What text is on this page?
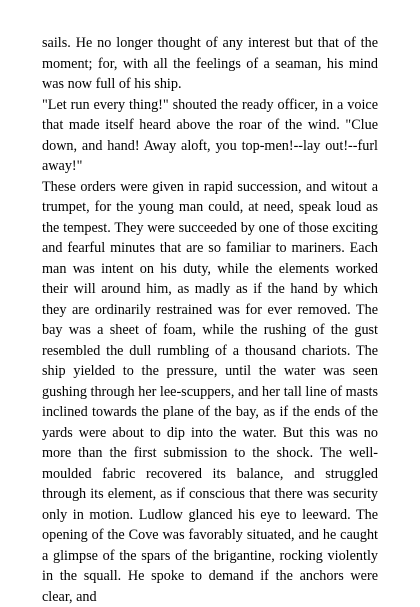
sails. He no longer thought of any interest but that of the moment; for, with all the feelings of a seaman, his mind was now full of his ship.

"Let run every thing!" shouted the ready officer, in a voice that made itself heard above the roar of the wind. "Clue down, and hand! Away aloft, you top-men!--lay out!--furl away!"

These orders were given in rapid succession, and witout a trumpet, for the young man could, at need, speak loud as the tempest. They were succeeded by one of those exciting and fearful minutes that are so familiar to mariners. Each man was intent on his duty, while the elements worked their will around him, as madly as if the hand by which they are ordinarily restrained was for ever removed. The bay was a sheet of foam, while the rushing of the gust resembled the dull rumbling of a thousand chariots. The ship yielded to the pressure, until the water was seen gushing through her lee-scuppers, and her tall line of masts inclined towards the plane of the bay, as if the ends of the yards were about to dip into the water. But this was no more than the first submission to the shock. The well-moulded fabric recovered its balance, and struggled through its element, as if conscious that there was security only in motion. Ludlow glanced his eye to leeward. The opening of the Cove was favorably situated, and he caught a glimpse of the spars of the brigantine, rocking violently in the squall. He spoke to demand if the anchors were clear, and
